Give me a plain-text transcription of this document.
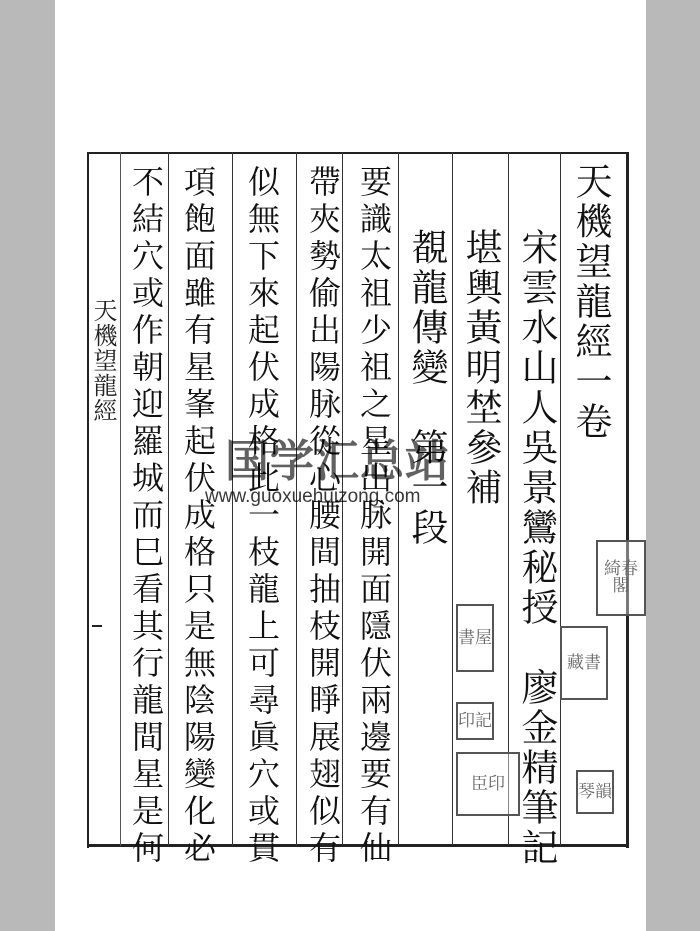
天機望龍經	天機望龍經一卷
宋雲水山人吳景鸞秘授　廖金精筆記
堪輿黃明埜參補
覩龍傳變　第一段
要識太祖少祖之星出脉開面隱伏兩邊要有仙
帶夾勢偷出陽脉從心腰間抽枝開睜展翅似有
似無下來起伏成格此一枝龍上可尋眞穴或貫
項飽面雖有星峯起伏成格只是無陰陽變化必
不結穴或作朝迎羅城而巳看其行龍間星是何	綺春閣
藏書
琴韻
書屋
印記
臣印
国学汇总站
www.guoxuehuizong.com
